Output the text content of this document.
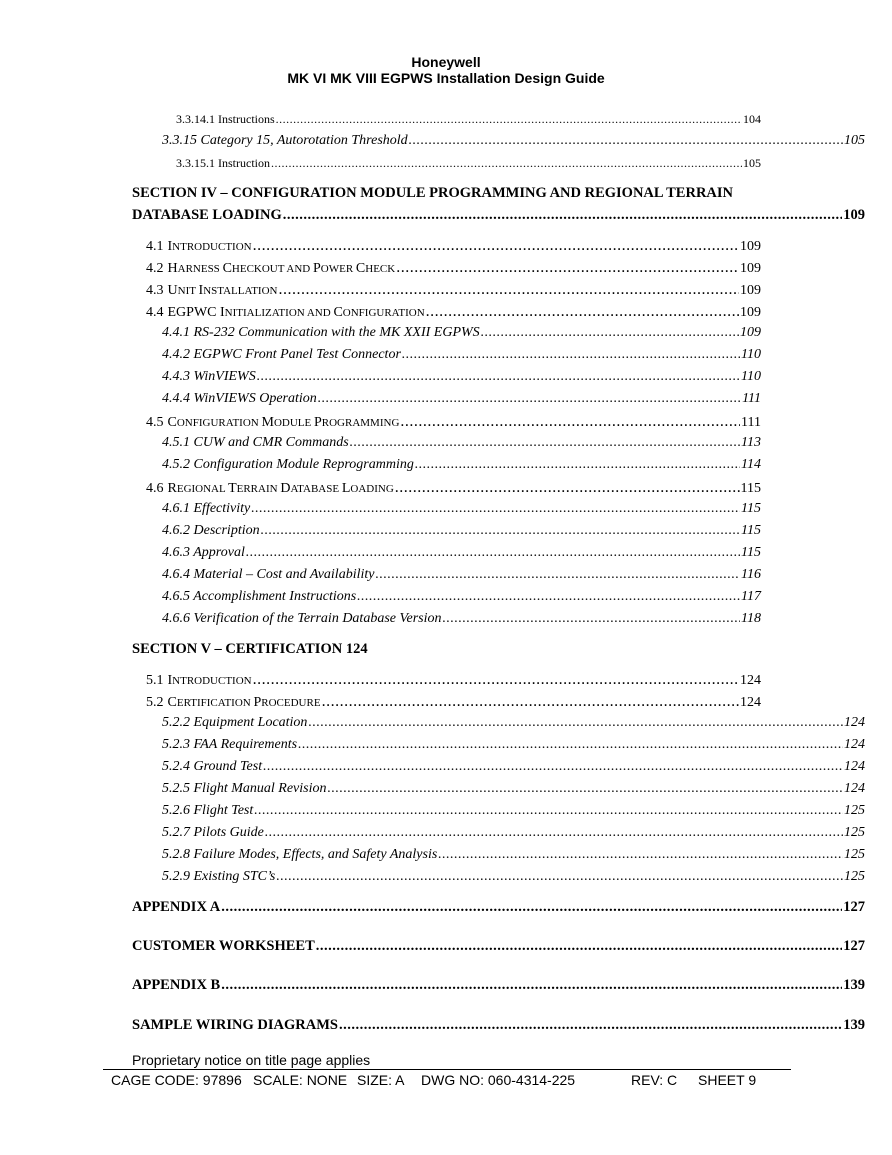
Honeywell
MK VI MK VIII EGPWS Installation Design Guide
3.3.14.1 Instructions .....	104
3.3.15 Category 15, Autorotation Threshold .....	105
3.3.15.1 Instruction .....	105
SECTION IV – CONFIGURATION MODULE PROGRAMMING AND REGIONAL TERRAIN
DATABASE LOADING .....	109
4.1 INTRODUCTION .....	109
4.2 HARNESS CHECKOUT AND POWER CHECK .....	109
4.3 UNIT INSTALLATION .....	109
4.4 EGPWC INITIALIZATION AND CONFIGURATION .....	109
4.4.1 RS-232 Communication with the MK XXII EGPWS .....	109
4.4.2 EGPWC Front Panel Test Connector .....	110
4.4.3 WinVIEWS .....	110
4.4.4 WinVIEWS Operation .....	111
4.5 CONFIGURATION MODULE PROGRAMMING .....	111
4.5.1 CUW and CMR Commands .....	113
4.5.2 Configuration Module Reprogramming .....	114
4.6 REGIONAL TERRAIN DATABASE LOADING .....	115
4.6.1 Effectivity .....	115
4.6.2 Description .....	115
4.6.3 Approval .....	115
4.6.4 Material – Cost and Availability .....	116
4.6.5 Accomplishment Instructions .....	117
4.6.6 Verification of the Terrain Database Version .....	118
SECTION V – CERTIFICATION 124
5.1 INTRODUCTION .....	124
5.2 CERTIFICATION PROCEDURE .....	124
5.2.2 Equipment Location .....	124
5.2.3 FAA Requirements .....	124
5.2.4 Ground Test .....	124
5.2.5 Flight Manual Revision .....	124
5.2.6 Flight Test .....	125
5.2.7 Pilots Guide .....	125
5.2.8 Failure Modes, Effects, and Safety Analysis .....	125
5.2.9 Existing STC’s .....	125
APPENDIX A .....	127
CUSTOMER WORKSHEET .....	127
APPENDIX B .....	139
SAMPLE WIRING DIAGRAMS .....	139
Proprietary notice on title page applies
CAGE CODE: 97896 SCALE: NONE SIZE: A DWG NO: 060-4314-225	REV: C SHEET 9
